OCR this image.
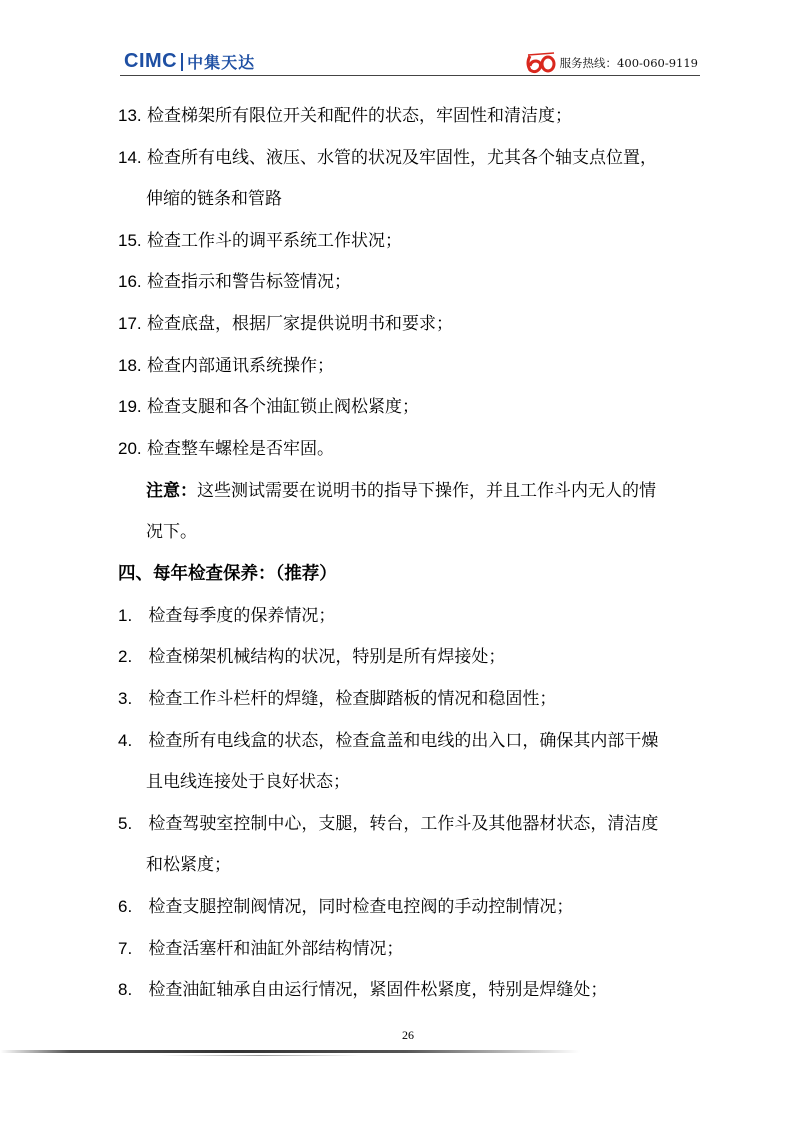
CIMC 中集天达	服务热线：400-060-9119
13. 检查梯架所有限位开关和配件的状态，牢固性和清洁度；
14. 检查所有电线、液压、水管的状况及牢固性，尤其各个轴支点位置，
伸缩的链条和管路
15. 检查工作斗的调平系统工作状况；
16. 检查指示和警告标签情况；
17. 检查底盘，根据厂家提供说明书和要求；
18. 检查内部通讯系统操作；
19. 检查支腿和各个油缸锁止阀松紧度；
20. 检查整车螺栓是否牢固。
注意：这些测试需要在说明书的指导下操作，并且工作斗内无人的情
况下。
四、每年检查保养：（推荐）
1. 检查每季度的保养情况；
2. 检查梯架机械结构的状况，特别是所有焊接处；
3. 检查工作斗栏杆的焊缝，检查脚踏板的情况和稳固性；
4. 检查所有电线盒的状态，检查盒盖和电线的出入口，确保其内部干燥
且电线连接处于良好状态；
5. 检查驾驶室控制中心，支腿，转台，工作斗及其他器材状态，清洁度
和松紧度；
6. 检查支腿控制阀情况，同时检查电控阀的手动控制情况；
7. 检查活塞杆和油缸外部结构情况；
8. 检查油缸轴承自由运行情况，紧固件松紧度，特别是焊缝处；
26
